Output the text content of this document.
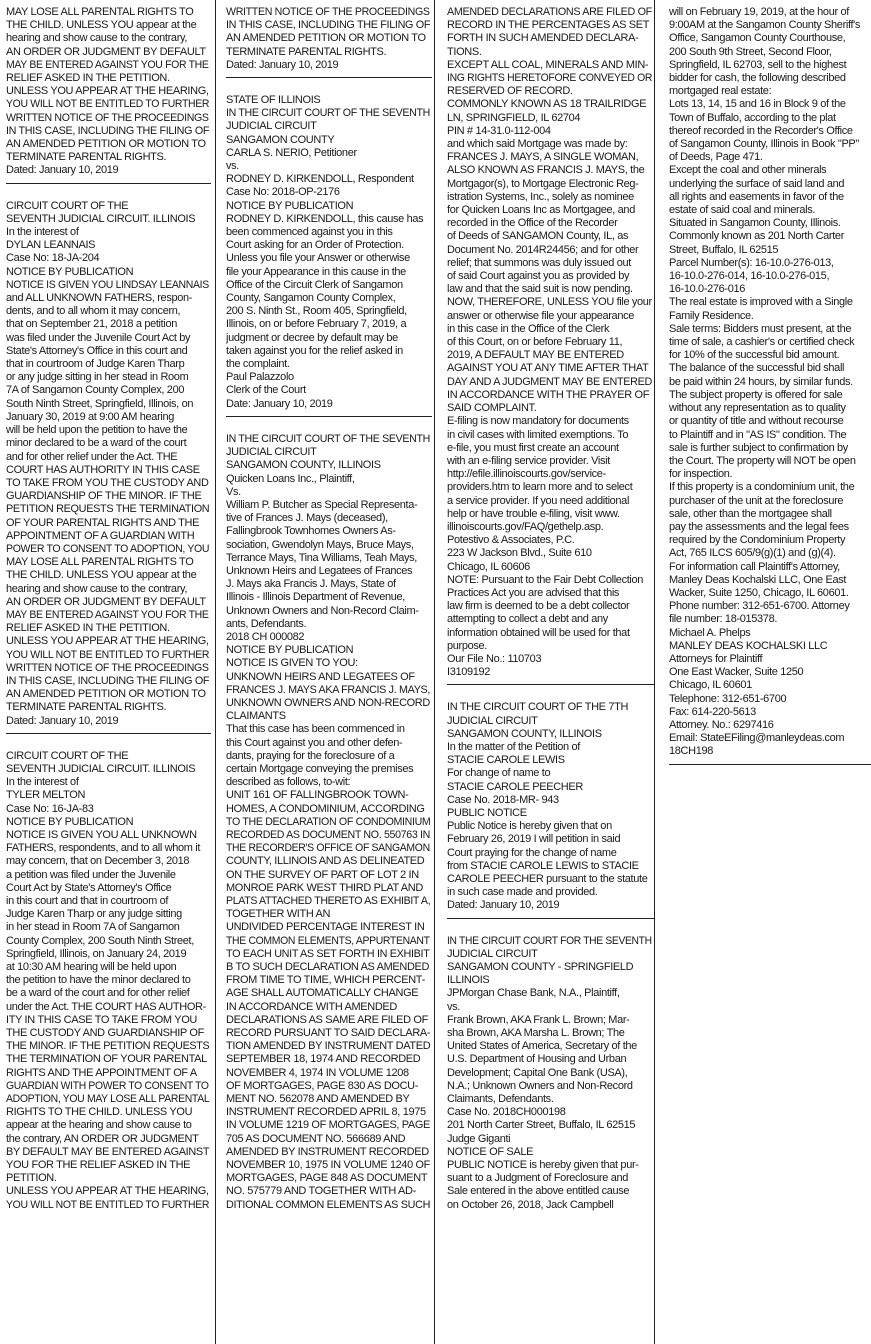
MAY LOSE ALL PARENTAL RIGHTS TO
THE CHILD. UNLESS YOU appear at the
hearing and show cause to the contrary,
AN ORDER OR JUDGMENT BY DEFAULT
MAY BE ENTERED AGAINST YOU FOR THE
RELIEF ASKED IN THE PETITION.
UNLESS YOU APPEAR AT THE HEARING,
YOU WILL NOT BE ENTITLED TO FURTHER
WRITTEN NOTICE OF THE PROCEEDINGS
IN THIS CASE, INCLUDING THE FILING OF
AN AMENDED PETITION OR MOTION TO
TERMINATE PARENTAL RIGHTS.
Dated: January 10, 2019
CIRCUIT COURT OF THE
SEVENTH JUDICIAL CIRCUIT. ILLINOIS
In the interest of
DYLAN LEANNAIS
Case No: 18-JA-204
NOTICE BY PUBLICATION
NOTICE IS GIVEN YOU LINDSAY LEANNAIS
and ALL UNKNOWN FATHERS, respon-
dents, and to all whom it may concern,
that on September 21, 2018 a petition
was filed under the Juvenile Court Act by
State's Attorney's Office in this court and
that in courtroom of Judge Karen Tharp
or any judge sitting in her stead in Room
7A of Sangamon County Complex, 200
South Ninth Street, Springfield, Illinois, on
January 30, 2019 at 9:00 AM hearing
will be held upon the petition to have the
minor declared to be a ward of the court
and for other relief under the Act. THE
COURT HAS AUTHORITY IN THIS CASE
TO TAKE FROM YOU THE CUSTODY AND
GUARDIANSHIP OF THE MINOR. IF THE
PETITION REQUESTS THE TERMINATION
OF YOUR PARENTAL RIGHTS AND THE
APPOINTMENT OF A GUARDIAN WITH
POWER TO CONSENT TO ADOPTION, YOU
MAY LOSE ALL PARENTAL RIGHTS TO
THE CHILD. UNLESS YOU appear at the
hearing and show cause to the contrary,
AN ORDER OR JUDGMENT BY DEFAULT
MAY BE ENTERED AGAINST YOU FOR THE
RELIEF ASKED IN THE PETITION.
UNLESS YOU APPEAR AT THE HEARING,
YOU WILL NOT BE ENTITLED TO FURTHER
WRITTEN NOTICE OF THE PROCEEDINGS
IN THIS CASE, INCLUDING THE FILING OF
AN AMENDED PETITION OR MOTION TO
TERMINATE PARENTAL RIGHTS.
Dated: January 10, 2019
CIRCUIT COURT OF THE
SEVENTH JUDICIAL CIRCUIT. ILLINOIS
In the interest of
TYLER MELTON
Case No: 16-JA-83
NOTICE BY PUBLICATION
NOTICE IS GIVEN YOU ALL UNKNOWN
FATHERS, respondents, and to all whom it
may concern, that on December 3, 2018
a petition was filed under the Juvenile
Court Act by State's Attorney's Office
in this court and that in courtroom of
Judge Karen Tharp or any judge sitting
in her stead in Room 7A of Sangamon
County Complex, 200 South Ninth Street,
Springfield, Illinois, on January 24, 2019
at 10:30 AM hearing will be held upon
the petition to have the minor declared to
be a ward of the court and for other relief
under the Act. THE COURT HAS AUTHOR-
ITY IN THIS CASE TO TAKE FROM YOU
THE CUSTODY AND GUARDIANSHIP OF
THE MINOR. IF THE PETITION REQUESTS
THE TERMINATION OF YOUR PARENTAL
RIGHTS AND THE APPOINTMENT OF A
GUARDIAN WITH POWER TO CONSENT TO
ADOPTION, YOU MAY LOSE ALL PARENTAL
RIGHTS TO THE CHILD. UNLESS YOU
appear at the hearing and show cause to
the contrary, AN ORDER OR JUDGMENT
BY DEFAULT MAY BE ENTERED AGAINST
YOU FOR THE RELIEF ASKED IN THE
PETITION.
UNLESS YOU APPEAR AT THE HEARING,
YOU WILL NOT BE ENTITLED TO FURTHER
WRITTEN NOTICE OF THE PROCEEDINGS
IN THIS CASE, INCLUDING THE FILING OF
AN AMENDED PETITION OR MOTION TO
TERMINATE PARENTAL RIGHTS.
Dated: January 10, 2019
STATE OF ILLINOIS
IN THE CIRCUIT COURT OF THE SEVENTH
JUDICIAL CIRCUIT
SANGAMON COUNTY
CARLA S. NERIO, Petitioner
vs.
RODNEY D. KIRKENDOLL, Respondent
Case No: 2018-OP-2176
NOTICE BY PUBLICATION
RODNEY D. KIRKENDOLL, this cause has
been commenced against you in this
Court asking for an Order of Protection.
Unless you file your Answer or otherwise
file your Appearance in this cause in the
Office of the Circuit Clerk of Sangamon
County, Sangamon County Complex,
200 S. Ninth St., Room 405, Springfield,
Illinois, on or before February 7, 2019, a
judgment or decree by default may be
taken against you for the relief asked in
the complaint.
Paul Palazzolo
Clerk of the Court
Date: January 10, 2019
IN THE CIRCUIT COURT OF THE SEVENTH
JUDICIAL CIRCUIT
SANGAMON COUNTY, ILLINOIS
Quicken Loans Inc., Plaintiff,
Vs.
William P. Butcher as Special Representa-
tive of Frances J. Mays (deceased),
Fallingbrook Townhomes Owners As-
sociation, Gwendolyn Mays, Bruce Mays,
Terrance Mays, Tina Williams, Teah Mays,
Unknown Heirs and Legatees of Frances
J. Mays aka Francis J. Mays, State of
Illinois - Illinois Department of Revenue,
Unknown Owners and Non-Record Claim-
ants, Defendants.
2018 CH 000082
NOTICE BY PUBLICATION
NOTICE IS GIVEN TO YOU:
UNKNOWN HEIRS AND LEGATEES OF
FRANCES J. MAYS AKA FRANCIS J. MAYS,
UNKNOWN OWNERS AND NON-RECORD
CLAIMANTS
That this case has been commenced in
this Court against you and other defen-
dants, praying for the foreclosure of a
certain Mortgage conveying the premises
described as follows, to-wit:
UNIT 161 OF FALLINGBROOK TOWN-
HOMES, A CONDOMINIUM, ACCORDING
TO THE DECLARATION OF CONDOMINIUM
RECORDED AS DOCUMENT NO. 550763 IN
THE RECORDER'S OFFICE OF SANGAMON
COUNTY, ILLINOIS AND AS DELINEATED
ON THE SURVEY OF PART OF LOT 2 IN
MONROE PARK WEST THIRD PLAT AND
PLATS ATTACHED THERETO AS EXHIBIT A,
TOGETHER WITH AN
UNDIVIDED PERCENTAGE INTEREST IN
THE COMMON ELEMENTS, APPURTENANT
TO EACH UNIT AS SET FORTH IN EXHIBIT
B TO SUCH DECLARATION AS AMENDED
FROM TIME TO TIME, WHICH PERCENT-
AGE SHALL AUTOMATICALLY CHANGE
IN ACCORDANCE WITH AMENDED
DECLARATIONS AS SAME ARE FILED OF
RECORD PURSUANT TO SAID DECLARA-
TION AMENDED BY INSTRUMENT DATED
SEPTEMBER 18, 1974 AND RECORDED
NOVEMBER 4, 1974 IN VOLUME 1208
OF MORTGAGES, PAGE 830 AS DOCU-
MENT NO. 562078 AND AMENDED BY
INSTRUMENT RECORDED APRIL 8, 1975
IN VOLUME 1219 OF MORTGAGES, PAGE
705 AS DOCUMENT NO. 566689 AND
AMENDED BY INSTRUMENT RECORDED
NOVEMBER 10, 1975 IN VOLUME 1240 OF
MORTGAGES, PAGE 848 AS DOCUMENT
NO. 575779 AND TOGETHER WITH AD-
DITIONAL COMMON ELEMENTS AS SUCH
AMENDED DECLARATIONS ARE FILED OF
RECORD IN THE PERCENTAGES AS SET
FORTH IN SUCH AMENDED DECLARA-
TIONS.
EXCEPT ALL COAL, MINERALS AND MIN-
ING RIGHTS HERETOFORE CONVEYED OR
RESERVED OF RECORD.
COMMONLY KNOWN AS 18 TRAILRIDGE
LN, SPRINGFIELD, IL 62704
PIN # 14-31.0-112-004
and which said Mortgage was made by:
FRANCES J. MAYS, A SINGLE WOMAN,
ALSO KNOWN AS FRANCIS J. MAYS, the
Mortgagor(s), to Mortgage Electronic Reg-
istration Systems, Inc., solely as nominee
for Quicken Loans Inc as Mortgagee, and
recorded in the Office of the Recorder
of Deeds of SANGAMON County, IL, as
Document No. 2014R24456; and for other
relief; that summons was duly issued out
of said Court against you as provided by
law and that the said suit is now pending.
NOW, THEREFORE, UNLESS YOU file your
answer or otherwise file your appearance
in this case in the Office of the Clerk
of this Court, on or before February 11,
2019, A DEFAULT MAY BE ENTERED
AGAINST YOU AT ANY TIME AFTER THAT
DAY AND A JUDGMENT MAY BE ENTERED
IN ACCORDANCE WITH THE PRAYER OF
SAID COMPLAINT.
E-filing is now mandatory for documents
in civil cases with limited exemptions. To
e-file, you must first create an account
with an e-filing service provider. Visit
http://efile.illinoiscourts.gov/service-
providers.htm to learn more and to select
a service provider. If you need additional
help or have trouble e-filing, visit www.
illinoiscourts.gov/FAQ/gethelp.asp.
Potestivo & Associates, P.C.
223 W Jackson Blvd., Suite 610
Chicago, IL 60606
NOTE: Pursuant to the Fair Debt Collection
Practices Act you are advised that this
law firm is deemed to be a debt collector
attempting to collect a debt and any
information obtained will be used for that
purpose.
Our File No.: 110703
I3109192
IN THE CIRCUIT COURT OF THE 7TH
JUDICIAL CIRCUIT
SANGAMON COUNTY, ILLINOIS
In the matter of the Petition of
STACIE CAROLE LEWIS
For change of name to
STACIE CAROLE PEECHER
Case No. 2018-MR- 943
PUBLIC NOTICE
Public Notice is hereby given that on
February 26, 2019 I will petition in said
Court praying for the change of name
from STACIE CAROLE LEWIS to STACIE
CAROLE PEECHER pursuant to the statute
in such case made and provided.
Dated: January 10, 2019
IN THE CIRCUIT COURT FOR THE SEVENTH
JUDICIAL CIRCUIT
SANGAMON COUNTY - SPRINGFIELD
ILLINOIS
JPMorgan Chase Bank, N.A., Plaintiff,
vs.
Frank Brown, AKA Frank L. Brown; Mar-
sha Brown, AKA Marsha L. Brown; The
United States of America, Secretary of the
U.S. Department of Housing and Urban
Development; Capital One Bank (USA),
N.A.; Unknown Owners and Non-Record
Claimants, Defendants.
Case No. 2018CH000198
201 North Carter Street, Buffalo, IL 62515
Judge Giganti
NOTICE OF SALE
PUBLIC NOTICE is hereby given that pur-
suant to a Judgment of Foreclosure and
Sale entered in the above entitled cause
on October 26, 2018, Jack Campbell
will on February 19, 2019, at the hour of
9:00AM at the Sangamon County Sheriff's
Office, Sangamon County Courthouse,
200 South 9th Street, Second Floor,
Springfield, IL 62703, sell to the highest
bidder for cash, the following described
mortgaged real estate:
Lots 13, 14, 15 and 16 in Block 9 of the
Town of Buffalo, according to the plat
thereof recorded in the Recorder's Office
of Sangamon County, Illinois in Book "PP"
of Deeds, Page 471.
Except the coal and other minerals
underlying the surface of said land and
all rights and easements in favor of the
estate of said coal and minerals.
Situated in Sangamon County, Illinois.
Commonly known as 201 North Carter
Street, Buffalo, IL 62515
Parcel Number(s): 16-10.0-276-013,
16-10.0-276-014, 16-10.0-276-015,
16-10.0-276-016
The real estate is improved with a Single
Family Residence.
Sale terms: Bidders must present, at the
time of sale, a cashier's or certified check
for 10% of the successful bid amount.
The balance of the successful bid shall
be paid within 24 hours, by similar funds.
The subject property is offered for sale
without any representation as to quality
or quantity of title and without recourse
to Plaintiff and in "AS IS" condition. The
sale is further subject to confirmation by
the Court. The property will NOT be open
for inspection.
If this property is a condominium unit, the
purchaser of the unit at the foreclosure
sale, other than the mortgagee shall
pay the assessments and the legal fees
required by the Condominium Property
Act, 765 ILCS 605/9(g)(1) and (g)(4).
For information call Plaintiff's Attorney,
Manley Deas Kochalski LLC, One East
Wacker, Suite 1250, Chicago, IL 60601.
Phone number: 312-651-6700. Attorney
file number: 18-015378.
Michael A. Phelps
MANLEY DEAS KOCHALSKI LLC
Attorneys for Plaintiff
One East Wacker, Suite 1250
Chicago, IL 60601
Telephone: 312-651-6700
Fax: 614-220-5613
Attorney. No.: 6297416
Email: StateEFiling@manleydeas.com
18CH198
